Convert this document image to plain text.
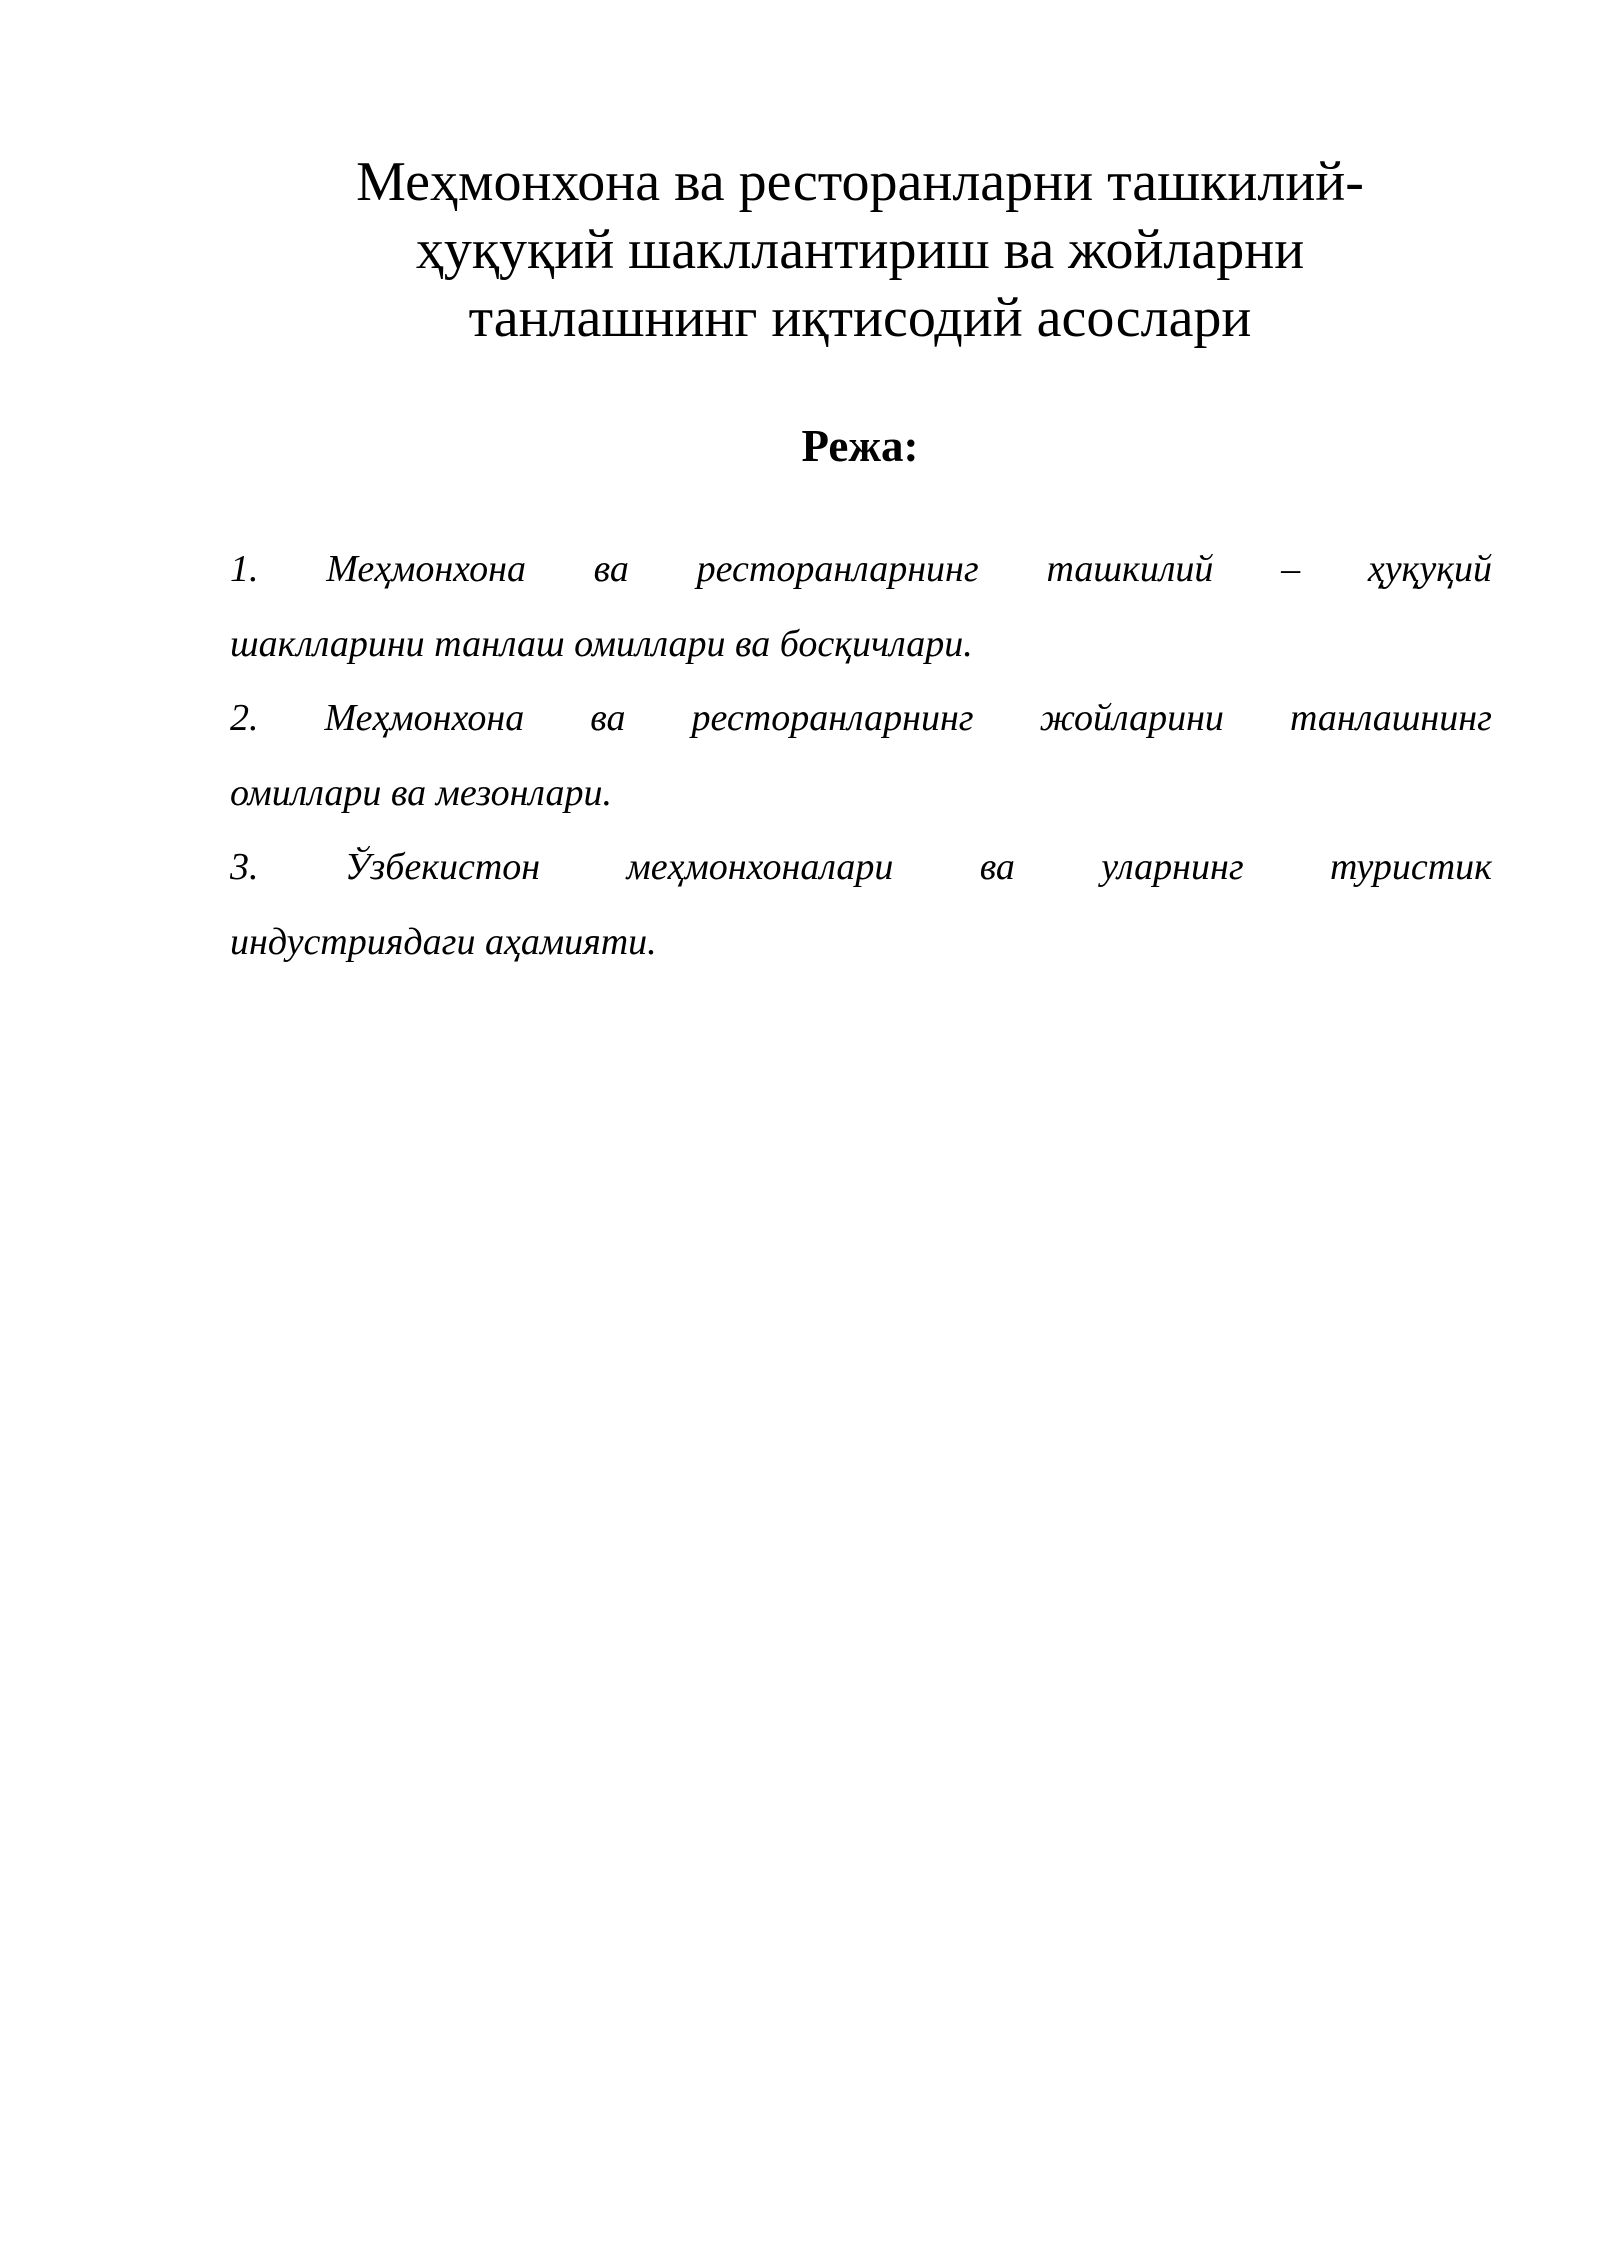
Меҳмонхона ва ресторанларни ташкилий-
ҳуқуқий шакллантириш ва жойларни
танлашнинг иқтисодий асослари
Режа:
1. Меҳмонхона ва ресторанларнинг ташкилий – ҳуқуқий
шаклларини танлаш омиллари ва босқичлари.
2. Меҳмонхона ва ресторанларнинг жойларини танлашнинг
омиллари ва мезонлари.
3. Ўзбекистон меҳмонхоналари ва уларнинг туристик
индустриядаги аҳамияти.
